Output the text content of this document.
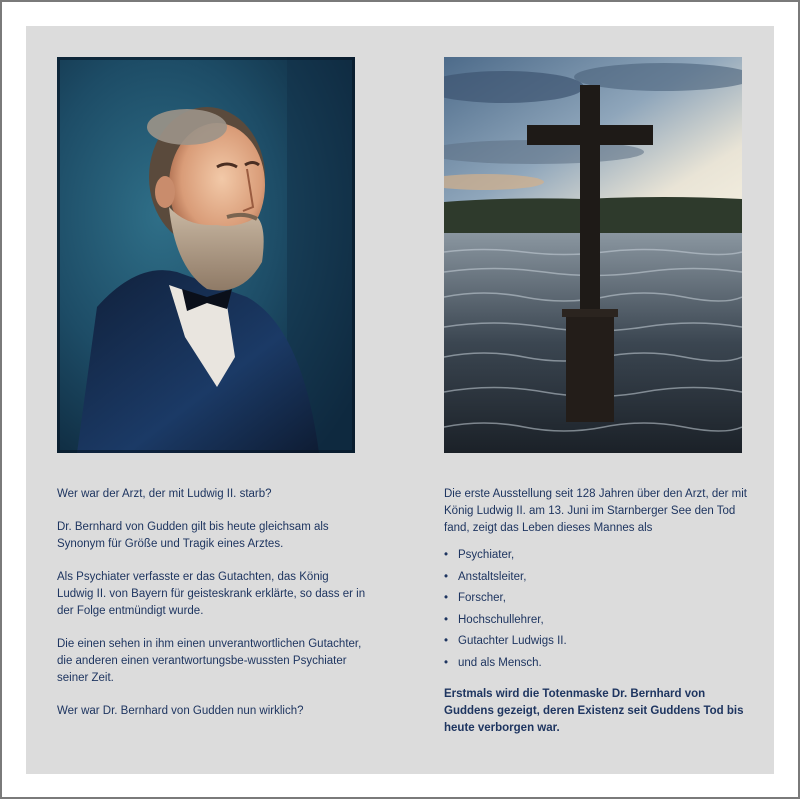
Wer war der Arzt, der mit Ludwig II. starb?

Dr. Bernhard von Gudden gilt bis heute gleichsam als Synonym für Größe und Tragik eines Arztes.

Als Psychiater verfasste er das Gutachten, das König Ludwig II. von Bayern für geisteskrank erklärte, so dass er in der Folge entmündigt wurde.

Die einen sehen in ihm einen unverantwortlichen Gutachter, die anderen einen verantwortungsbe-wussten Psychiater seiner Zeit.

Wer war Dr. Bernhard von Gudden nun wirklich?

Die erste Ausstellung seit 128 Jahren über den Arzt, der mit König Ludwig II. am 13. Juni im Starnberger See den Tod fand, zeigt das Leben dieses Mannes als

• Psychiater,
• Anstaltsleiter,
• Forscher,
• Hochschullehrer,
• Gutachter Ludwigs II.
• und als Mensch.

Erstmals wird die Totenmaske Dr. Bernhard von Guddens gezeigt, deren Existenz seit Guddens Tod bis heute verborgen war.
